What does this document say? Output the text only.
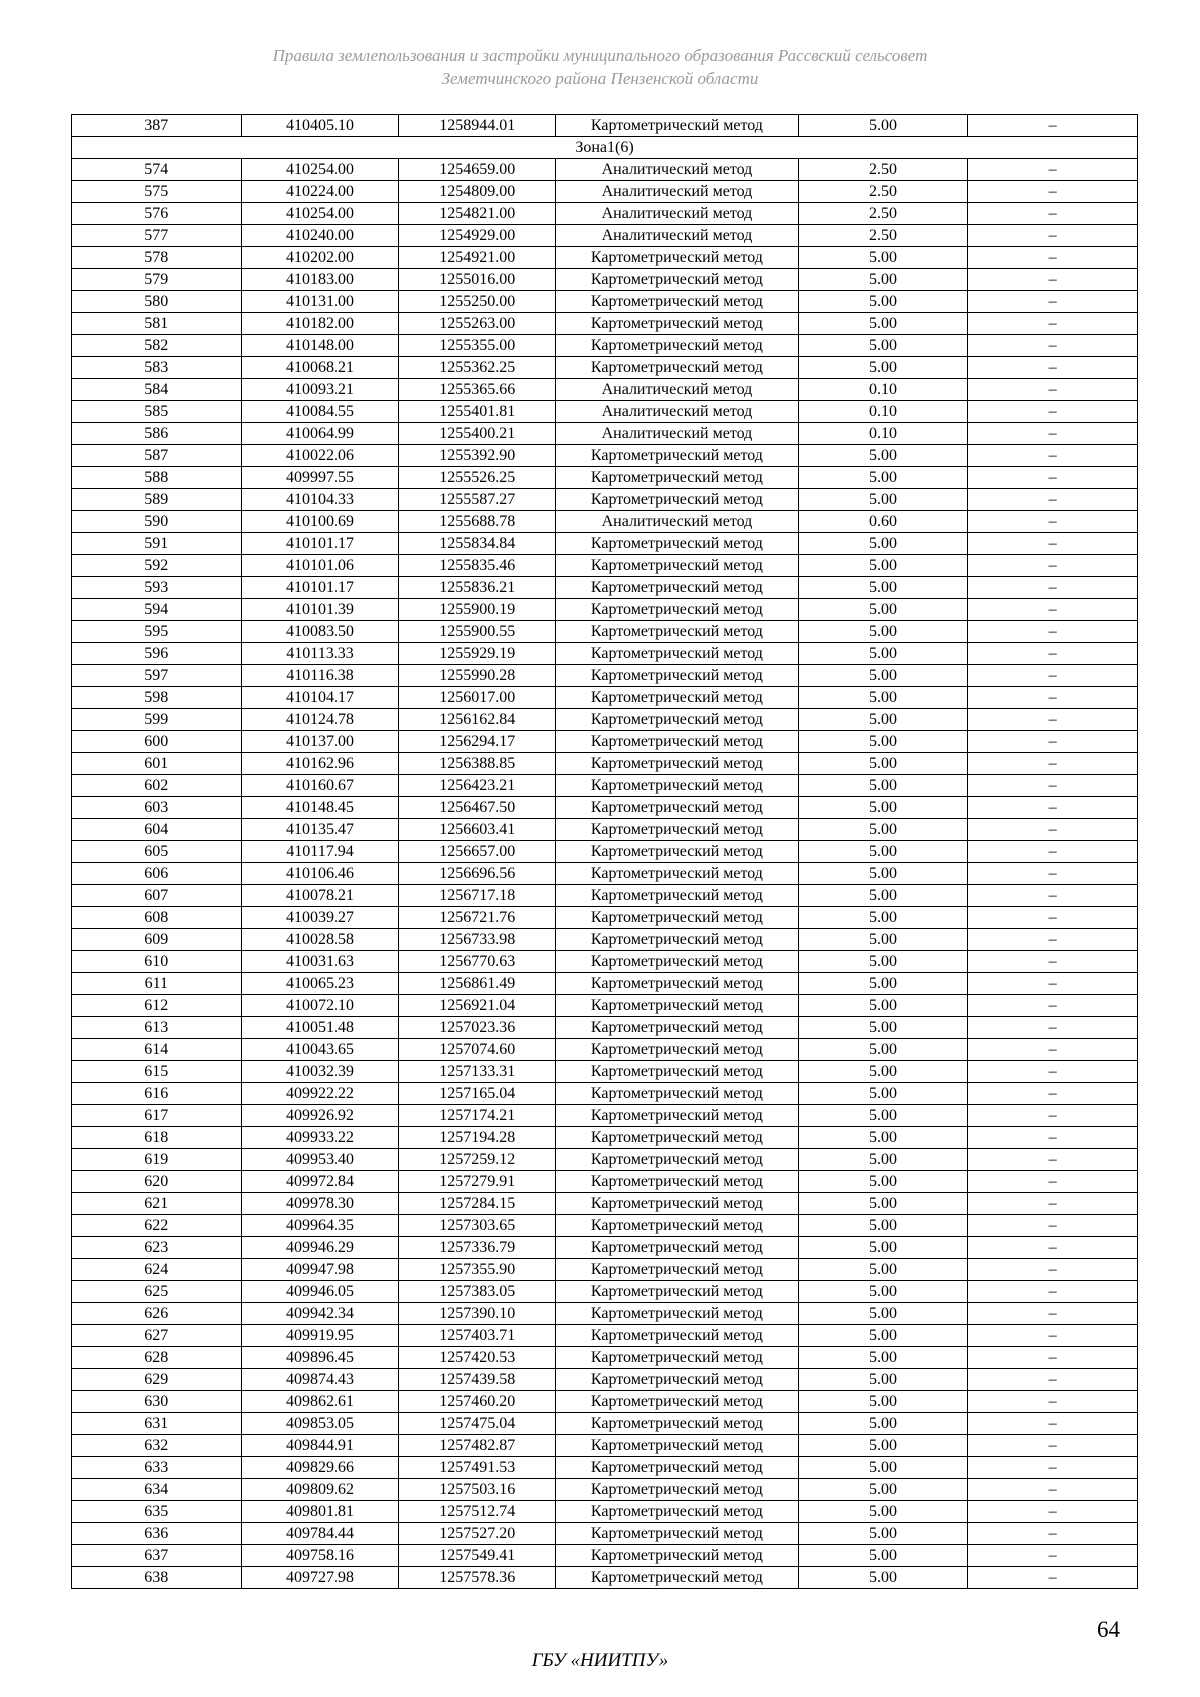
Правила землепользования и застройки муниципального образования Рассвский сельсовет
Земетчинского района Пензенской области
387	410405.10	1258944.01	Картометрический метод	5.00	–
Зона1(6)					
574	410254.00	1254659.00	Аналитический метод	2.50	–
575	410224.00	1254809.00	Аналитический метод	2.50	–
576	410254.00	1254821.00	Аналитический метод	2.50	–
577	410240.00	1254929.00	Аналитический метод	2.50	–
578	410202.00	1254921.00	Картометрический метод	5.00	–
579	410183.00	1255016.00	Картометрический метод	5.00	–
580	410131.00	1255250.00	Картометрический метод	5.00	–
581	410182.00	1255263.00	Картометрический метод	5.00	–
582	410148.00	1255355.00	Картометрический метод	5.00	–
583	410068.21	1255362.25	Картометрический метод	5.00	–
584	410093.21	1255365.66	Аналитический метод	0.10	–
585	410084.55	1255401.81	Аналитический метод	0.10	–
586	410064.99	1255400.21	Аналитический метод	0.10	–
587	410022.06	1255392.90	Картометрический метод	5.00	–
588	409997.55	1255526.25	Картометрический метод	5.00	–
589	410104.33	1255587.27	Картометрический метод	5.00	–
590	410100.69	1255688.78	Аналитический метод	0.60	–
591	410101.17	1255834.84	Картометрический метод	5.00	–
592	410101.06	1255835.46	Картометрический метод	5.00	–
593	410101.17	1255836.21	Картометрический метод	5.00	–
594	410101.39	1255900.19	Картометрический метод	5.00	–
595	410083.50	1255900.55	Картометрический метод	5.00	–
596	410113.33	1255929.19	Картометрический метод	5.00	–
597	410116.38	1255990.28	Картометрический метод	5.00	–
598	410104.17	1256017.00	Картометрический метод	5.00	–
599	410124.78	1256162.84	Картометрический метод	5.00	–
600	410137.00	1256294.17	Картометрический метод	5.00	–
601	410162.96	1256388.85	Картометрический метод	5.00	–
602	410160.67	1256423.21	Картометрический метод	5.00	–
603	410148.45	1256467.50	Картометрический метод	5.00	–
604	410135.47	1256603.41	Картометрический метод	5.00	–
605	410117.94	1256657.00	Картометрический метод	5.00	–
606	410106.46	1256696.56	Картометрический метод	5.00	–
607	410078.21	1256717.18	Картометрический метод	5.00	–
608	410039.27	1256721.76	Картометрический метод	5.00	–
609	410028.58	1256733.98	Картометрический метод	5.00	–
610	410031.63	1256770.63	Картометрический метод	5.00	–
611	410065.23	1256861.49	Картометрический метод	5.00	–
612	410072.10	1256921.04	Картометрический метод	5.00	–
613	410051.48	1257023.36	Картометрический метод	5.00	–
614	410043.65	1257074.60	Картометрический метод	5.00	–
615	410032.39	1257133.31	Картометрический метод	5.00	–
616	409922.22	1257165.04	Картометрический метод	5.00	–
617	409926.92	1257174.21	Картометрический метод	5.00	–
618	409933.22	1257194.28	Картометрический метод	5.00	–
619	409953.40	1257259.12	Картометрический метод	5.00	–
620	409972.84	1257279.91	Картометрический метод	5.00	–
621	409978.30	1257284.15	Картометрический метод	5.00	–
622	409964.35	1257303.65	Картометрический метод	5.00	–
623	409946.29	1257336.79	Картометрический метод	5.00	–
624	409947.98	1257355.90	Картометрический метод	5.00	–
625	409946.05	1257383.05	Картометрический метод	5.00	–
626	409942.34	1257390.10	Картометрический метод	5.00	–
627	409919.95	1257403.71	Картометрический метод	5.00	–
628	409896.45	1257420.53	Картометрический метод	5.00	–
629	409874.43	1257439.58	Картометрический метод	5.00	–
630	409862.61	1257460.20	Картометрический метод	5.00	–
631	409853.05	1257475.04	Картометрический метод	5.00	–
632	409844.91	1257482.87	Картометрический метод	5.00	–
633	409829.66	1257491.53	Картометрический метод	5.00	–
634	409809.62	1257503.16	Картометрический метод	5.00	–
635	409801.81	1257512.74	Картометрический метод	5.00	–
636	409784.44	1257527.20	Картометрический метод	5.00	–
637	409758.16	1257549.41	Картометрический метод	5.00	–
638	409727.98	1257578.36	Картометрический метод	5.00	–
64
ГБУ «НИИТПУ»
